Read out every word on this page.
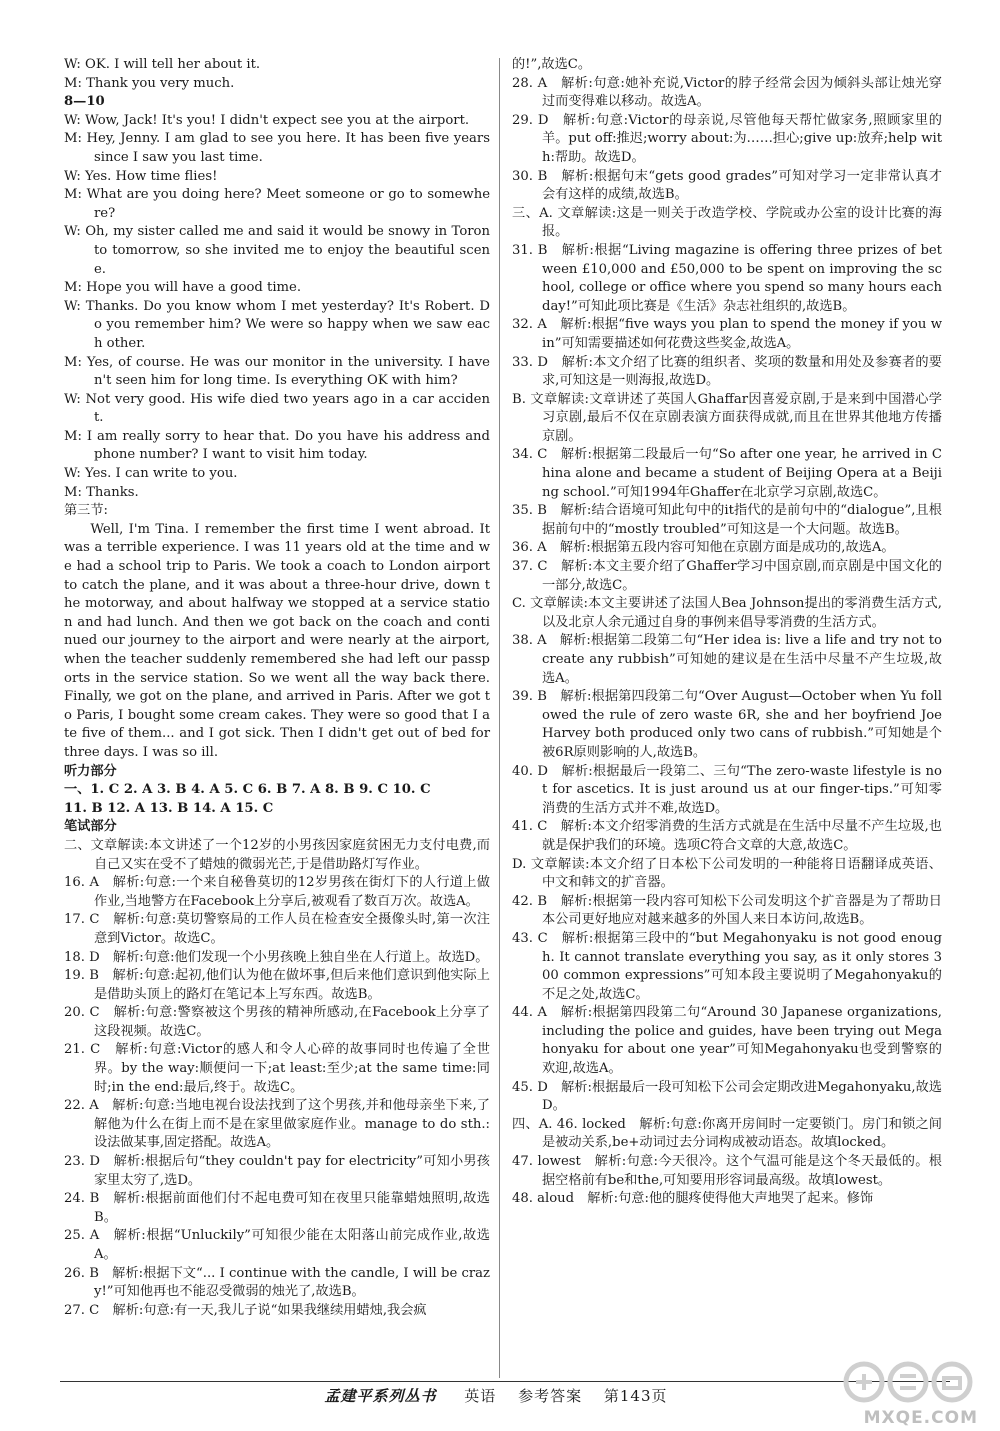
W: OK. I will tell her about it.

M: Thank you very much.

8—10

W: Wow, Jack! It's you! I didn't expect see you at the airport.

M: Hey, Jenny. I am glad to see you here. It has been five years since I saw you last time.

W: Yes. How time flies!

M: What are you doing here? Meet someone or go to somewhere?

W: Oh, my sister called me and said it would be snowy in Toronto tomorrow, so she invited me to enjoy the beautiful scene.

M: Hope you will have a good time.

W: Thanks. Do you know whom I met yesterday? It's Robert. Do you remember him? We were so happy when we saw each other.

M: Yes, of course. He was our monitor in the university. I haven't seen him for long time. Is everything OK with him?

W: Not very good. His wife died two years ago in a car accident.

M: I am really sorry to hear that. Do you have his address and phone number? I want to visit him today.

W: Yes. I can write to you.

M: Thanks.

第三节:

Well, I'm Tina. I remember the first time I went abroad. It was a terrible experience. I was 11 years old at the time and we had a school trip to Paris. We took a coach to London airport to catch the plane, and it was about a three-hour drive, down the motorway, and about halfway we stopped at a service station and had lunch. And then we got back on the coach and continued our journey to the airport and were nearly at the airport, when the teacher suddenly remembered she had left our passports in the service station. So we went all the way back there. Finally, we got on the plane, and arrived in Paris. After we got to Paris, I bought some cream cakes. They were so good that I ate five of them... and I got sick. Then I didn't get out of bed for three days. I was so ill.

听力部分

一、1. C 2. A 3. B 4. A 5. C 6. B 7. A 8. B 9. C 10. C

11. B 12. A 13. B 14. A 15. C

笔试部分

二、文章解读:本文讲述了一个12岁的小男孩因家庭贫困无力支付电费,而自己又实在受不了蜡烛的微弱光芒,于是借助路灯写作业。

16. A　解析:句意:一个来自秘鲁莫切的12岁男孩在街灯下的人行道上做作业,当地警方在Facebook上分享后,被观看了数百万次。故选A。

17. C　解析:句意:莫切警察局的工作人员在检查安全摄像头时,第一次注意到Victor。故选C。

18. D　解析:句意:他们发现一个小男孩晚上独自坐在人行道上。故选D。

19. B　解析:句意:起初,他们认为他在做坏事,但后来他们意识到他实际上是借助头顶上的路灯在笔记本上写东西。故选B。

20. C　解析:句意:警察被这个男孩的精神所感动,在Facebook上分享了这段视频。故选C。

21. C　解析:句意:Victor的感人和令人心碎的故事同时也传遍了全世界。by the way:顺便问一下;at least:至少;at the same time:同时;in the end:最后,终于。故选C。

22. A　解析:句意:当地电视台设法找到了这个男孩,并和他母亲坐下来,了解他为什么在街上而不是在家里做家庭作业。manage to do sth.:设法做某事,固定搭配。故选A。

23. D　解析:根据后句“they couldn't pay for electricity”可知小男孩家里太穷了,选D。

24. B　解析:根据前面他们付不起电费可知在夜里只能靠蜡烛照明,故选B。

25. A　解析:根据“Unluckily”可知很少能在太阳落山前完成作业,故选A。

26. B　解析:根据下文“... I continue with the candle, I will be crazy!”可知他再也不能忍受微弱的烛光了,故选B。

27. C　解析:句意:有一天,我儿子说“如果我继续用蜡烛,我会疯

的!”,故选C。

28. A　解析:句意:她补充说,Victor的脖子经常会因为倾斜头部让烛光穿过而变得难以移动。故选A。

29. D　解析:句意:Victor的母亲说,尽管他每天帮忙做家务,照顾家里的羊。put off:推迟;worry about:为……担心;give up:放弃;help with:帮助。故选D。

30. B　解析:根据句末“gets good grades”可知对学习一定非常认真才会有这样的成绩,故选B。

三、A. 文章解读:这是一则关于改造学校、学院或办公室的设计比赛的海报。

31. B　解析:根据“Living magazine is offering three prizes of between £10,000 and £50,000 to be spent on improving the school, college or office where you spend so many hours each day!”可知此项比赛是《生活》杂志社组织的,故选B。

32. A　解析:根据“five ways you plan to spend the money if you win”可知需要描述如何花费这些奖金,故选A。

33. D　解析:本文介绍了比赛的组织者、奖项的数量和用处及参赛者的要求,可知这是一则海报,故选D。

B. 文章解读:文章讲述了英国人Ghaffar因喜爱京剧,于是来到中国潜心学习京剧,最后不仅在京剧表演方面获得成就,而且在世界其他地方传播京剧。

34. C　解析:根据第二段最后一句“So after one year, he arrived in China alone and became a student of Beijing Opera at a Beijing school.”可知1994年Ghaffer在北京学习京剧,故选C。

35. B　解析:结合语境可知此句中的it指代的是前句中的“dialogue”,且根据前句中的“mostly troubled”可知这是一个大问题。故选B。

36. A　解析:根据第五段内容可知他在京剧方面是成功的,故选A。

37. C　解析:本文主要介绍了Ghaffer学习中国京剧,而京剧是中国文化的一部分,故选C。

C. 文章解读:本文主要讲述了法国人Bea Johnson提出的零消费生活方式,以及北京人余元通过自身的事例来倡导零消费的生活方式。

38. A　解析:根据第二段第二句“Her idea is: live a life and try not to create any rubbish”可知她的建议是在生活中尽量不产生垃圾,故选A。

39. B　解析:根据第四段第二句“Over August—October when Yu followed the rule of zero waste 6R, she and her boyfriend Joe Harvey both produced only two cans of rubbish.”可知她是个被6R原则影响的人,故选B。

40. D　解析:根据最后一段第二、三句“The zero-waste lifestyle is not for ascetics. It is just around us at our finger-tips.”可知零消费的生活方式并不难,故选D。

41. C　解析:本文介绍零消费的生活方式就是在生活中尽量不产生垃圾,也就是保护我们的环境。选项C符合文章的大意,故选C。

D. 文章解读:本文介绍了日本松下公司发明的一种能将日语翻译成英语、中文和韩文的扩音器。

42. B　解析:根据第一段内容可知松下公司发明这个扩音器是为了帮助日本公司更好地应对越来越多的外国人来日本访问,故选B。

43. C　解析:根据第三段中的“but Megahonyaku is not good enough. It cannot translate everything you say, as it only stores 300 common expressions”可知本段主要说明了Megahonyaku的不足之处,故选C。

44. A　解析:根据第四段第二句“Around 30 Japanese organizations, including the police and guides, have been trying out Megahonyaku for about one year”可知Megahonyaku也受到警察的欢迎,故选A。

45. D　解析:根据最后一段可知松下公司会定期改进Megahonyaku,故选D。

四、A. 46. locked　解析:句意:你离开房间时一定要锁门。房门和锁之间是被动关系,be+动词过去分词构成被动语态。故填locked。

47. lowest　解析:句意:今天很冷。这个气温可能是这个冬天最低的。根据空格前有be和the,可知要用形容词最高级。故填lowest。

48. aloud　解析:句意:他的腿疼使得他大声地哭了起来。修饰

孟建平系列丛书 英语 参考答案 第143页
MXQE.COM
